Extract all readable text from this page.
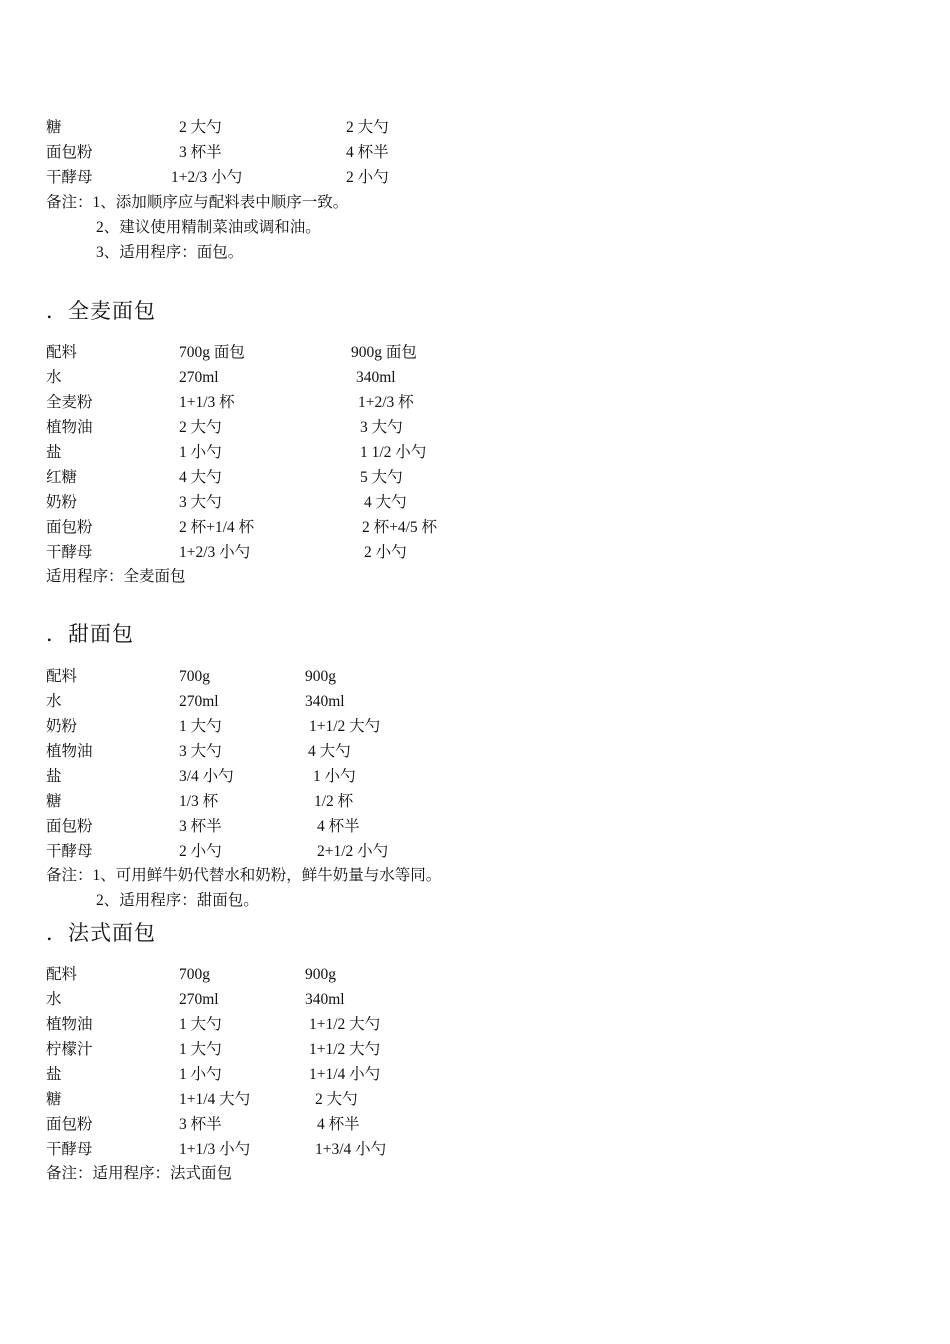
糖	2 大勺	2 大勺
面包粉	3 杯半	4 杯半
干酵母	1+2/3 小勺	2 小勺
备注：1、添加顺序应与配料表中顺序一致。
2、建议使用精制菜油或调和油。
3、适用程序：面包。
．全麦面包
配料	700g 面包	900g 面包
水	270ml	340ml
全麦粉	1+1/3 杯	1+2/3 杯
植物油	2 大勺	3 大勺
盐	1 小勺	1 1/2 小勺
红糖	4 大勺	5 大勺
奶粉	3 大勺	4 大勺
面包粉	2 杯+1/4 杯	2 杯+4/5 杯
干酵母	1+2/3 小勺	2 小勺
适用程序：全麦面包
．甜面包
配料	700g	900g
水	270ml	340ml
奶粉	1 大勺	1+1/2 大勺
植物油	3 大勺	4 大勺
盐	3/4 小勺	1 小勺
糖	1/3 杯	1/2 杯
面包粉	3 杯半	4 杯半
干酵母	2 小勺	2+1/2 小勺
备注：1、可用鲜牛奶代替水和奶粉，鲜牛奶量与水等同。
2、适用程序：甜面包。
．法式面包
配料	700g	900g
水	270ml	340ml
植物油	1 大勺	1+1/2 大勺
柠檬汁	1 大勺	1+1/2 大勺
盐	1 小勺	1+1/4 小勺
糖	1+1/4 大勺	2 大勺
面包粉	3 杯半	4 杯半
干酵母	1+1/3 小勺	1+3/4 小勺
备注：适用程序：法式面包
